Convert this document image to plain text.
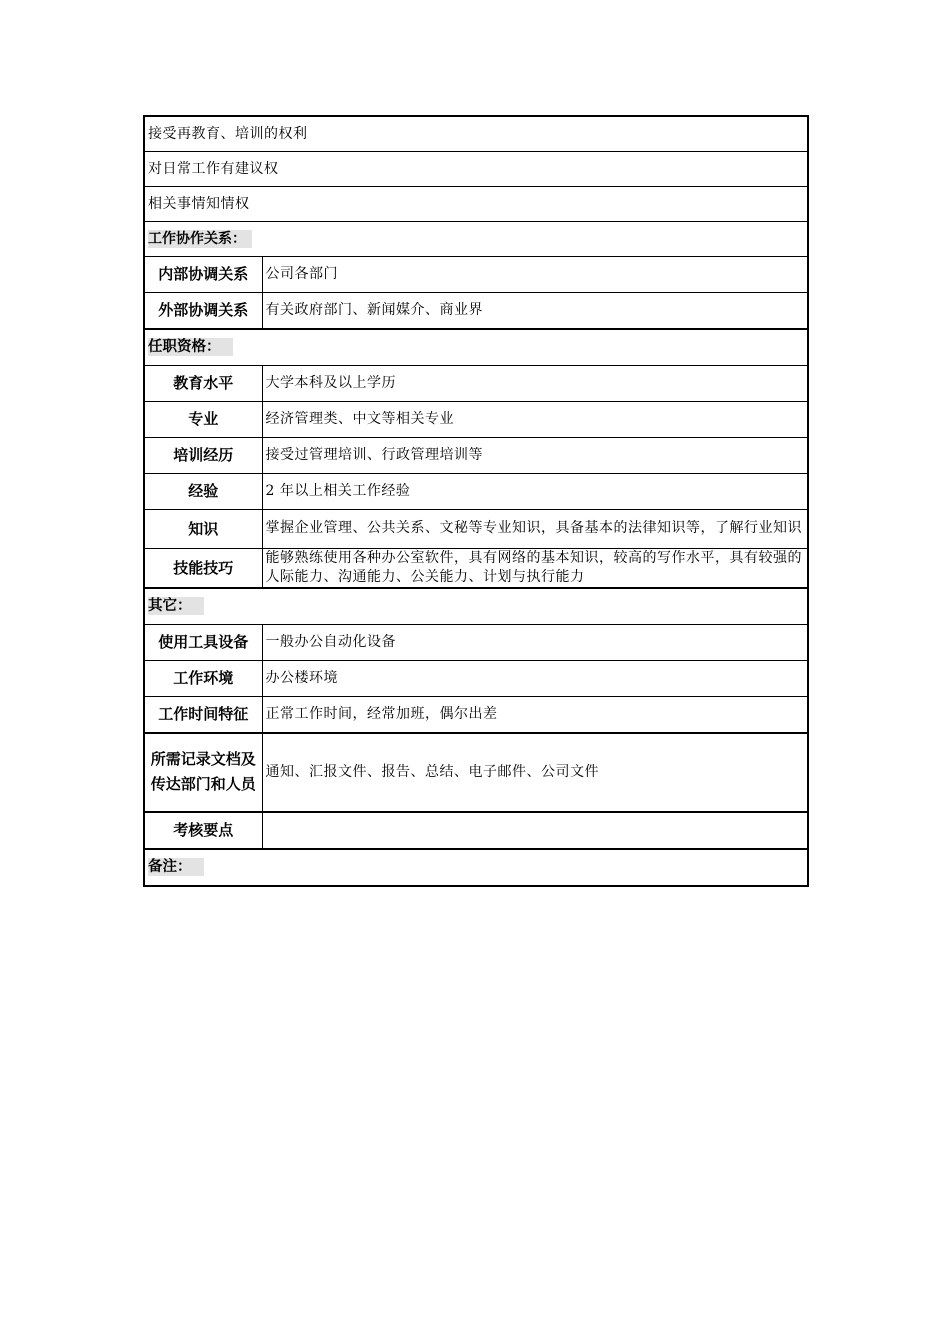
接受再教育、培训的权利	
对日常工作有建议权	
相关事情知情权	
工作协作关系：	
内部协调关系	公司各部门
外部协调关系	有关政府部门、新闻媒介、商业界
任职资格：	
教育水平	大学本科及以上学历
专业	经济管理类、中文等相关专业
培训经历	接受过管理培训、行政管理培训等
经验	2 年以上相关工作经验
知识	掌握企业管理、公共关系、文秘等专业知识，具备基本的法律知识等，了解行业知识
技能技巧	能够熟练使用各种办公室软件，具有网络的基本知识，较高的写作水平，具有较强的人际能力、沟通能力、公关能力、计划与执行能力
其它：	
使用工具设备	一般办公自动化设备
工作环境	办公楼环境
工作时间特征	正常工作时间，经常加班，偶尔出差
所需记录文档及传达部门和人员	通知、汇报文件、报告、总结、电子邮件、公司文件
考核要点	
备注：	
